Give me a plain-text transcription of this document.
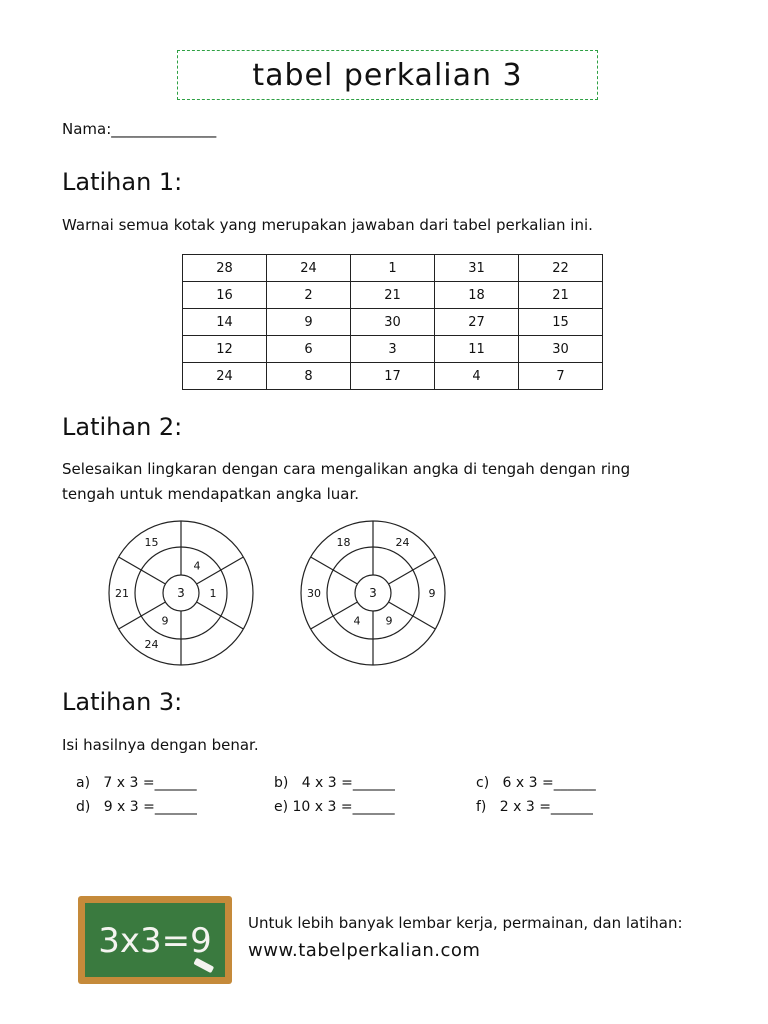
tabel perkalian 3
Nama:______________
Latihan 1:
Warnai semua kotak yang merupakan jawaban dari tabel perkalian ini.
28	24	1	31	22
16	2	21	18	21
14	9	30	27	15
12	6	3	11	30
24	8	17	4	7
Latihan 2:
Selesaikan lingkaran dengan cara mengalikan angka di tengah dengan ring
tengah untuk mendapatkan angka luar.
3
4
1
9
24
21
15
3
24
9
9
4
30
18
Latihan 3:
Isi hasilnya dengan benar.
a)   7 x 3 =______	b)   4 x 3 =______	c)   6 x 3 =______
d)   9 x 3 =______	e) 10 x 3 =______	f)   2 x 3 =______
3x3=9 Untuk lebih banyak lembar kerja, permainan, dan latihan:
www.tabelperkalian.com
